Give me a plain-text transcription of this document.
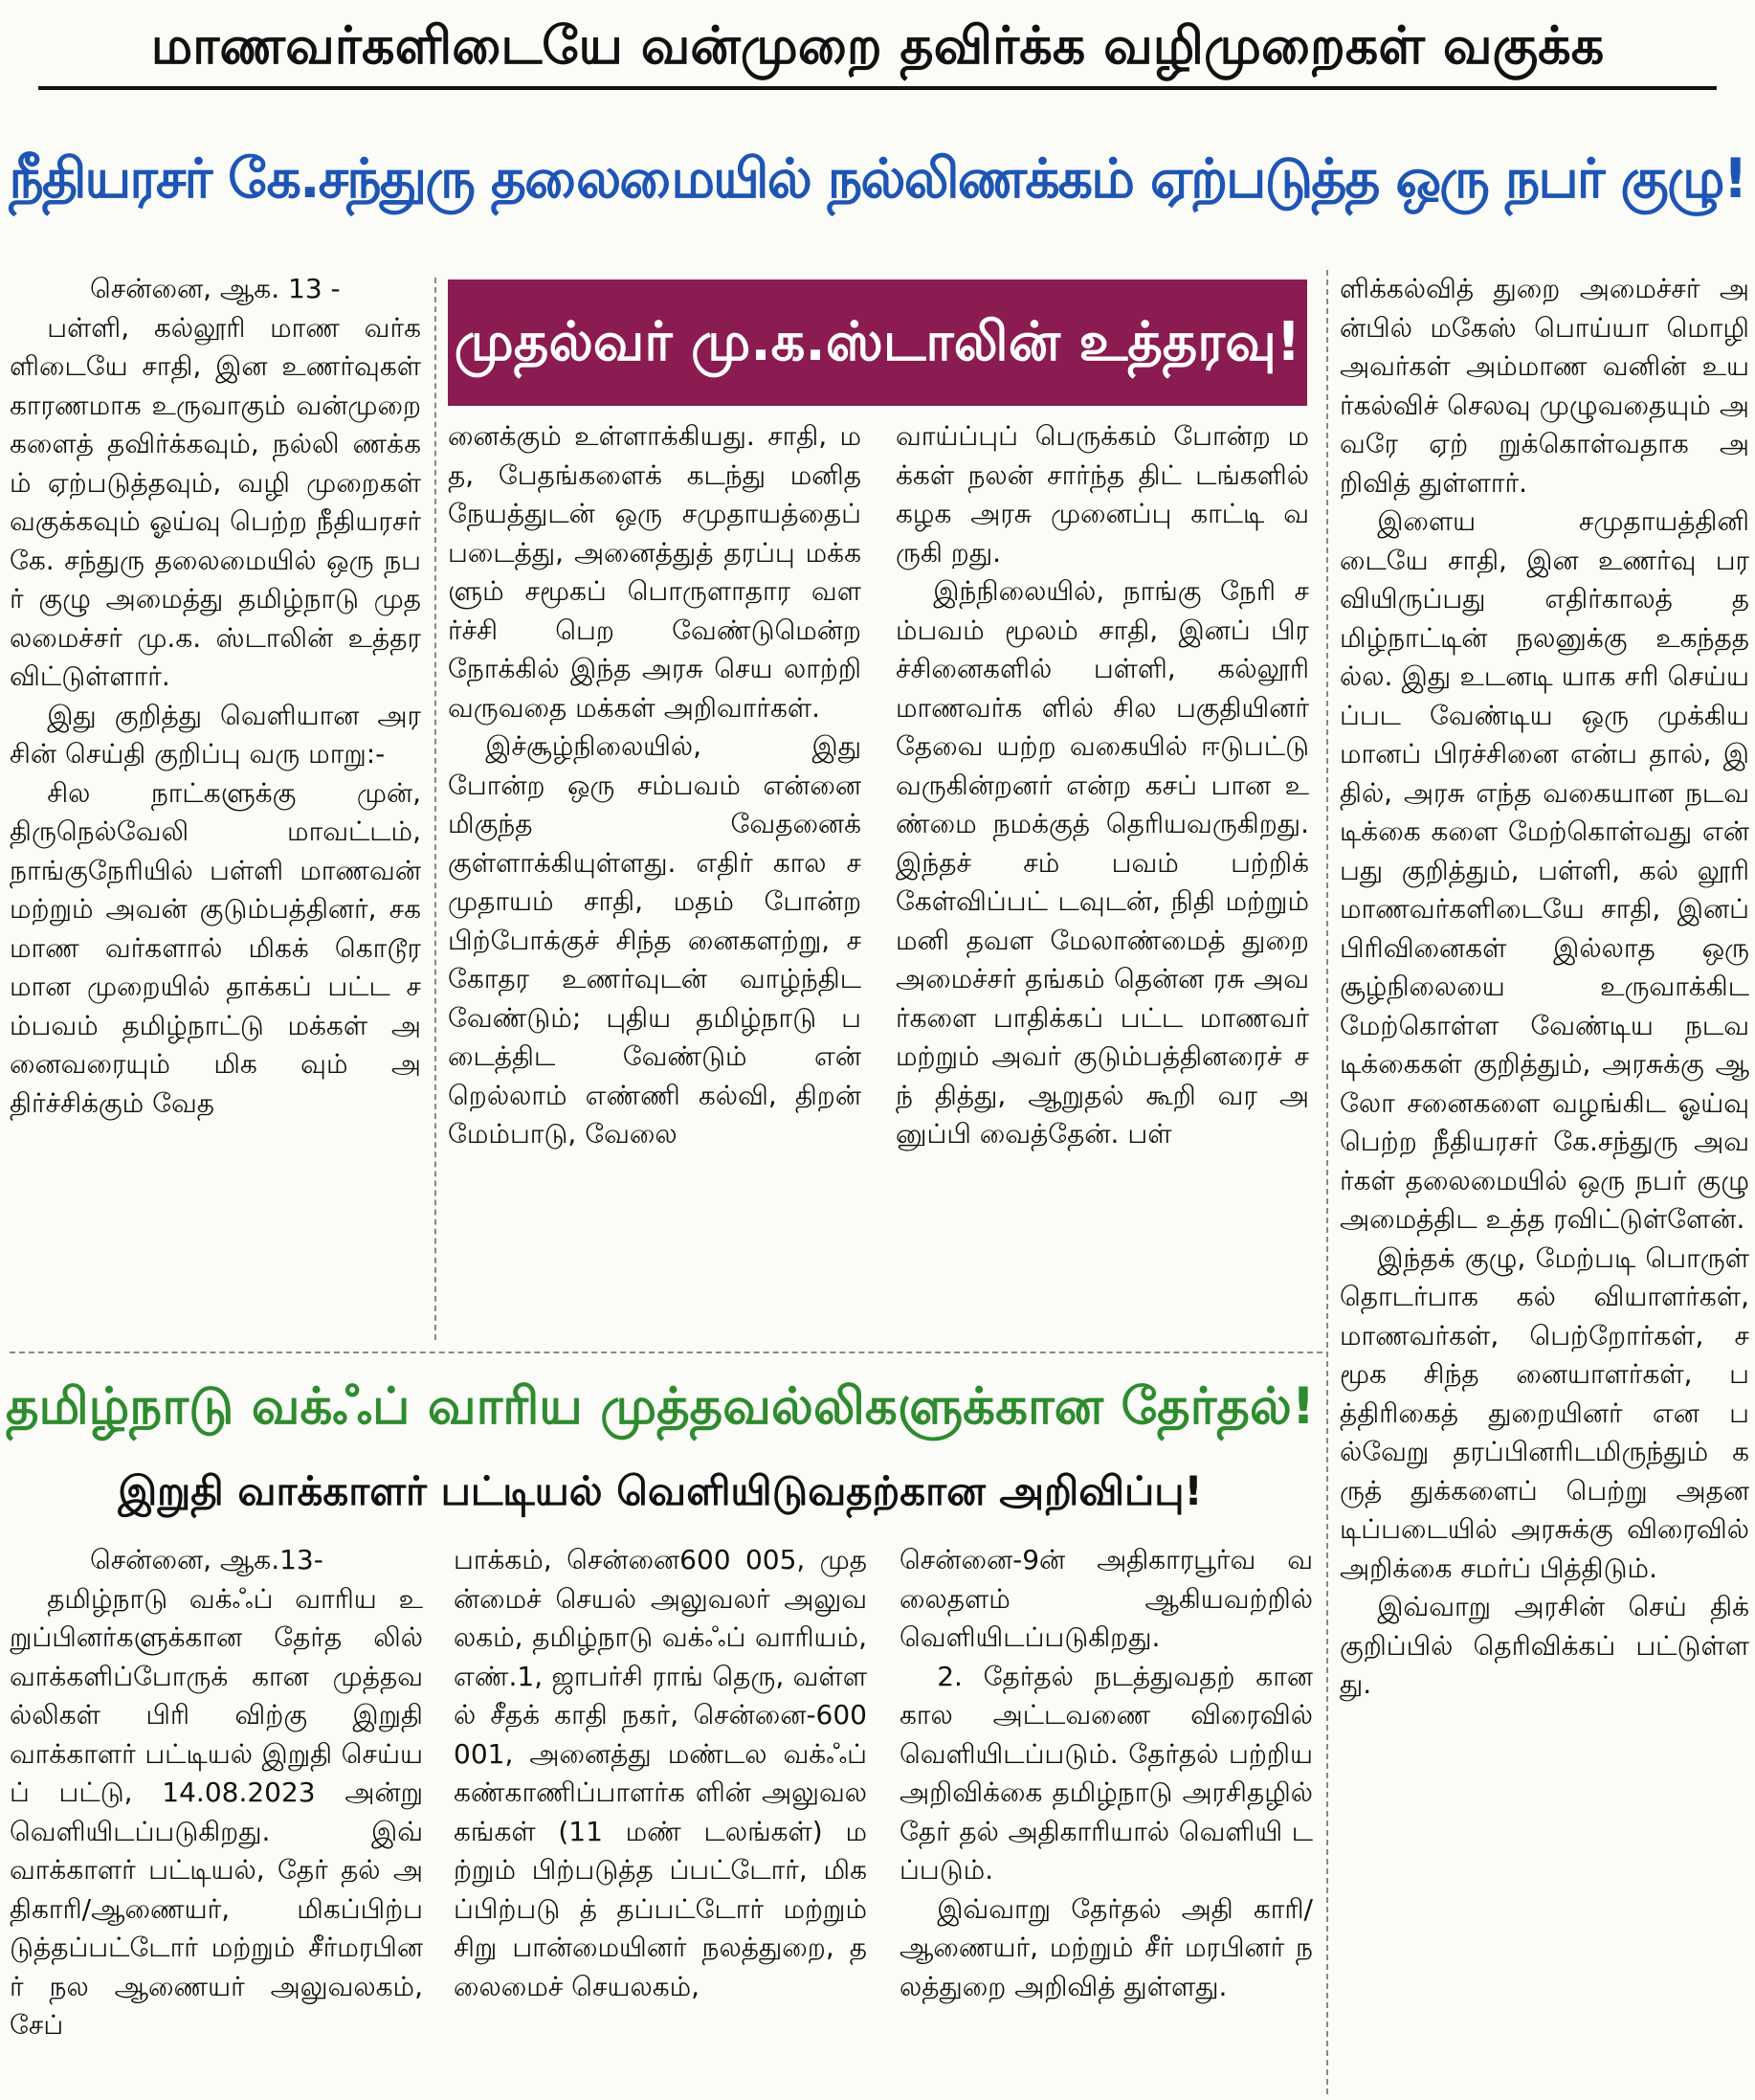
மாணவர்களிடையே வன்முறை தவிர்க்க வழிமுறைகள் வகுக்க
நீதியரசர் கே.சந்துரு தலைமையில் நல்லிணக்கம் ஏற்படுத்த ஒரு நபர் குழு!
முதல்வர் மு.க.ஸ்டாலின் உத்தரவு!

சென்னை, ஆக. 13 -

பள்ளி, கல்லூரி மாண வர்களிடையே சாதி, இன உணர்வுகள் காரணமாக உருவாகும் வன்முறை களைத் தவிர்க்கவும், நல்லி ணக்கம் ஏற்படுத்தவும், வழி முறைகள் வகுக்கவும் ஓய்வு பெற்ற நீதியரசர் கே. சந்துரு தலைமையில் ஒரு நபர் குழு அமைத்து தமிழ்நாடு முத லமைச்சர் மு.க. ஸ்டாலின் உத்தரவிட்டுள்ளார்.

இது குறித்து வெளியான அரசின் செய்தி குறிப்பு வரு மாறு:-

சில நாட்களுக்கு முன், திருநெல்வேலி மாவட்டம், நாங்குநேரியில் பள்ளி மாணவன் மற்றும் அவன் குடும்பத்தினர், சக மாண வர்களால் மிகக் கொடூர மான முறையில் தாக்கப் பட்ட சம்பவம் தமிழ்நாட்டு மக்கள் அனைவரையும் மிக வும் அதிர்ச்சிக்கும் வேத

னைக்கும் உள்ளாக்கியது. சாதி, மத, பேதங்களைக் கடந்து மனிதநேயத்துடன் ஒரு சமுதாயத்தைப் படைத்து, அனைத்துத் தரப்பு மக்களும் சமூகப் பொருளாதார வளர்ச்சி பெற வேண்டுமென்ற நோக்கில் இந்த அரசு செய லாற்றி வருவதை மக்கள் அறிவார்கள்.

இச்சூழ்நிலையில், இது போன்ற ஒரு சம்பவம் என்னை மிகுந்த வேதனைக் குள்ளாக்கியுள்ளது. எதிர் கால சமுதாயம் சாதி, மதம் போன்ற பிற்போக்குச் சிந்த னைகளற்று, சகோதர உணர்வுடன் வாழ்ந்திட வேண்டும்; புதிய தமிழ்நாடு படைத்திட வேண்டும் என் றெல்லாம் எண்ணி கல்வி, திறன் மேம்பாடு, வேலை

வாய்ப்புப் பெருக்கம் போன்ற மக்கள் நலன் சார்ந்த திட் டங்களில் கழக அரசு முனைப்பு காட்டி வருகி றது.

இந்நிலையில், நாங்கு நேரி சம்பவம் மூலம் சாதி, இனப் பிரச்சினைகளில் பள்ளி, கல்லூரி மாணவர்க ளில் சில பகுதியினர் தேவை யற்ற வகையில் ஈடுபட்டு வருகின்றனர் என்ற கசப் பான உண்மை நமக்குத் தெரியவருகிறது. இந்தச் சம் பவம் பற்றிக் கேள்விப்பட் டவுடன், நிதி மற்றும் மனி தவள மேலாண்மைத் துறை அமைச்சர் தங்கம் தென்ன ரசு அவர்களை பாதிக்கப் பட்ட மாணவர் மற்றும் அவர் குடும்பத்தினரைச் சந் தித்து, ஆறுதல் கூறி வர அனுப்பி வைத்தேன். பள்

ளிக்கல்வித் துறை அமைச்சர் அன்பில் மகேஸ் பொய்யா மொழி அவர்கள் அம்மாண வனின் உயர்கல்விச் செலவு முழுவதையும் அவரே ஏற் றுக்கொள்வதாக அறிவித் துள்ளார்.

இளைய சமுதாயத்தினி டையே சாதி, இன உணர்வு பரவியிருப்பது எதிர்காலத் தமிழ்நாட்டின் நலனுக்கு உகந்ததல்ல. இது உடனடி யாக சரி செய்யப்பட வேண்டிய ஒரு முக்கிய மானப் பிரச்சினை என்ப தால், இதில், அரசு எந்த வகையான நடவடிக்கை களை மேற்கொள்வது என் பது குறித்தும், பள்ளி, கல் லூரி மாணவர்களிடையே சாதி, இனப் பிரிவினைகள் இல்லாத ஒரு சூழ்நிலையை உருவாக்கிட மேற்கொள்ள வேண்டிய நடவடிக்கைகள் குறித்தும், அரசுக்கு ஆலோ சனைகளை வழங்கிட ஓய்வு பெற்ற நீதியரசர் கே.சந்துரு அவர்கள் தலைமையில் ஒரு நபர் குழு அமைத்திட உத்த ரவிட்டுள்ளேன்.

இந்தக் குழு, மேற்படி பொருள் தொடர்பாக கல் வியாளர்கள், மாணவர்கள், பெற்றோர்கள், சமூக சிந்த னையாளர்கள், பத்திரிகைத் துறையினர் என பல்வேறு தரப்பினரிடமிருந்தும் கருத் துக்களைப் பெற்று அதன டிப்படையில் அரசுக்கு விரைவில் அறிக்கை சமர்ப் பித்திடும்.

இவ்வாறு அரசின் செய் திக் குறிப்பில் தெரிவிக்கப் பட்டுள்ளது.

தமிழ்நாடு வக்ஃப் வாரிய முத்தவல்லிகளுக்கான தேர்தல்!
இறுதி வாக்காளர் பட்டியல் வெளியிடுவதற்கான அறிவிப்பு!

சென்னை, ஆக.13-

தமிழ்நாடு வக்ஃப் வாரிய உறுப்பினர்களுக்கான தேர்த லில் வாக்களிப்போருக் கான முத்தவல்லிகள் பிரி விற்கு இறுதி வாக்காளர் பட்டியல் இறுதி செய்யப் பட்டு, 14.08.2023 அன்று வெளியிடப்படுகிறது. இவ் வாக்காளர் பட்டியல், தேர் தல் அதிகாரி/ஆணையர், மிகப்பிற்படுத்தப்பட்டோர் மற்றும் சீர்மரபினர் நல ஆணையர் அலுவலகம், சேப்

பாக்கம், சென்னை600 005, முதன்மைச் செயல் அலுவலர் அலுவலகம், தமிழ்நாடு வக்ஃப் வாரியம், எண்.1, ஜாபர்சி ராங் தெரு, வள்ளல் சீதக் காதி நகர், சென்னை-600 001, அனைத்து மண்டல வக்ஃப் கண்காணிப்பாளர்க ளின் அலுவலகங்கள் (11 மண் டலங்கள்) மற்றும் பிற்படுத்த ப்பட்டோர், மிகப்பிற்படு த் தப்பட்டோர் மற்றும் சிறு பான்மையினர் நலத்துறை, தலைமைச் செயலகம்,

சென்னை-9ன் அதிகாரபூர்வ வலைதளம் ஆகியவற்றில் வெளியிடப்படுகிறது.

2. தேர்தல் நடத்துவதற் கான கால அட்டவணை விரைவில் வெளியிடப்படும். தேர்தல் பற்றிய அறிவிக்கை தமிழ்நாடு அரசிதழில் தேர் தல் அதிகாரியால் வெளியி டப்படும்.

இவ்வாறு தேர்தல் அதி காரி/ ஆணையர், மற்றும் சீர் மரபினர் நலத்துறை அறிவித் துள்ளது.
